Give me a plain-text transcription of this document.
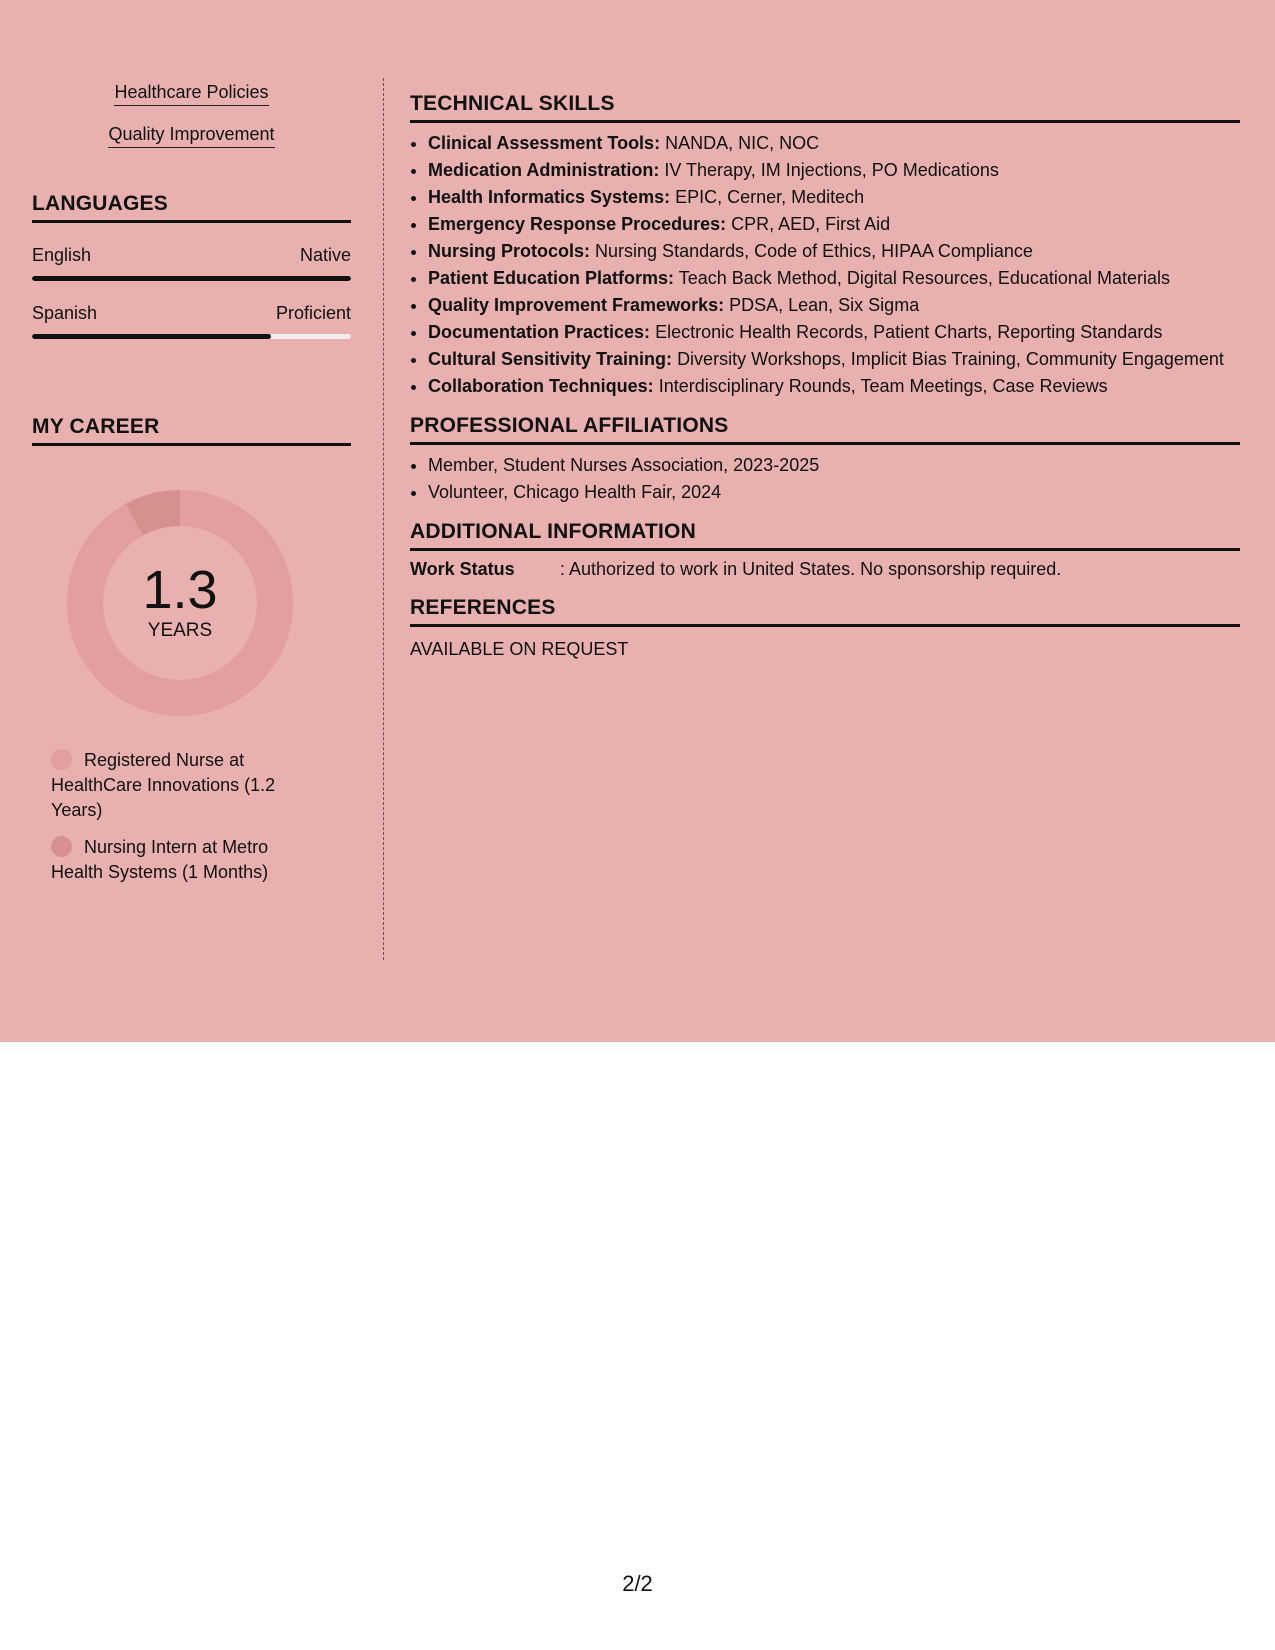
Healthcare Policies
Quality Improvement
LANGUAGES
English	Native
Spanish	Proficient
MY CAREER
1.3
YEARS
Registered Nurse at HealthCare Innovations (1.2 Years)
Nursing Intern at Metro Health Systems (1 Months)
TECHNICAL SKILLS
• Clinical Assessment Tools: NANDA, NIC, NOC
• Medication Administration: IV Therapy, IM Injections, PO Medications
• Health Informatics Systems: EPIC, Cerner, Meditech
• Emergency Response Procedures: CPR, AED, First Aid
• Nursing Protocols: Nursing Standards, Code of Ethics, HIPAA Compliance
• Patient Education Platforms: Teach Back Method, Digital Resources, Educational Materials
• Quality Improvement Frameworks: PDSA, Lean, Six Sigma
• Documentation Practices: Electronic Health Records, Patient Charts, Reporting Standards
• Cultural Sensitivity Training: Diversity Workshops, Implicit Bias Training, Community Engagement
• Collaboration Techniques: Interdisciplinary Rounds, Team Meetings, Case Reviews
PROFESSIONAL AFFILIATIONS
• Member, Student Nurses Association, 2023-2025
• Volunteer, Chicago Health Fair, 2024
ADDITIONAL INFORMATION
Work Status	: Authorized to work in United States. No sponsorship required.
REFERENCES
AVAILABLE ON REQUEST
2/2
